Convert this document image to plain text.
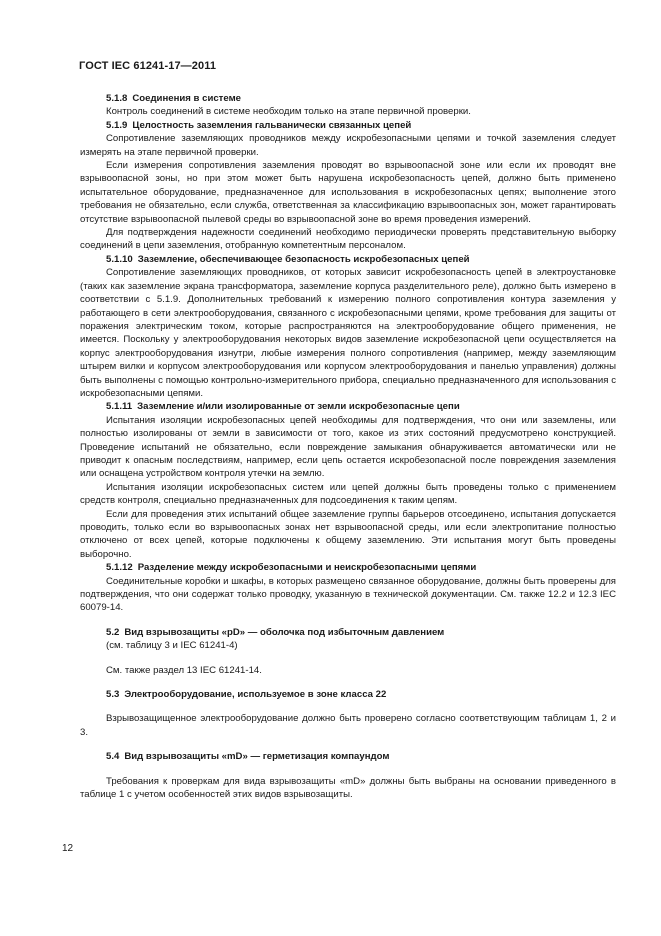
ГОСТ IEC 61241-17—2011

5.1.8 Соединения в системе

Контроль соединений в системе необходим только на этапе первичной проверки.

5.1.9 Целостность заземления гальванически связанных цепей

Сопротивление заземляющих проводников между искробезопасными цепями и точкой заземления следует измерять на этапе первичной проверки.

Если измерения сопротивления заземления проводят во взрывоопасной зоне или если их проводят вне взрывоопасной зоны, но при этом может быть нарушена искробезопасность цепей, должно быть применено испытательное оборудование, предназначенное для использования в искробезопасных цепях; выполнение этого требования не обязательно, если служба, ответственная за классификацию взрывоопасных зон, может гарантировать отсутствие взрывоопасной пылевой среды во взрывоопасной зоне во время проведения измерений.

Для подтверждения надежности соединений необходимо периодически проверять представительную выборку соединений в цепи заземления, отобранную компетентным персоналом.

5.1.10 Заземление, обеспечивающее безопасность искробезопасных цепей

Сопротивление заземляющих проводников, от которых зависит искробезопасность цепей в электроустановке (таких как заземление экрана трансформатора, заземление корпуса разделительного реле), должно быть измерено в соответствии с 5.1.9. Дополнительных требований к измерению полного сопротивления контура заземления у работающего в сети электрооборудования, связанного с искробезопасными цепями, кроме требования для защиты от поражения электрическим током, которые распространяются на электрооборудование общего применения, не имеется. Поскольку у электрооборудования некоторых видов заземление искробезопасной цепи осуществляется на корпус электрооборудования изнутри, любые измерения полного сопротивления (например, между заземляющим штырем вилки и корпусом электрооборудования или корпусом электрооборудования и панелью управления) должны быть выполнены с помощью контрольно-измерительного прибора, специально предназначенного для использования с искробезопасными цепями.

5.1.11 Заземление и/или изолированные от земли искробезопасные цепи

Испытания изоляции искробезопасных цепей необходимы для подтверждения, что они или заземлены, или полностью изолированы от земли в зависимости от того, какое из этих состояний предусмотрено конструкцией. Проведение испытаний не обязательно, если повреждение замыкания обнаруживается автоматически или не приводит к опасным последствиям, например, если цепь остается искробезопасной после повреждения заземления или оснащена устройством контроля утечки на землю.

Испытания изоляции искробезопасных систем или цепей должны быть проведены только с применением средств контроля, специально предназначенных для подсоединения к таким цепям.

Если для проведения этих испытаний общее заземление группы барьеров отсоединено, испытания допускается проводить, только если во взрывоопасных зонах нет взрывоопасной среды, или если электропитание полностью отключено от всех цепей, которые подключены к общему заземлению. Эти испытания могут быть проведены выборочно.

5.1.12 Разделение между искробезопасными и неискробезопасными цепями

Соединительные коробки и шкафы, в которых размещено связанное оборудование, должны быть проверены для подтверждения, что они содержат только проводку, указанную в технической документации. См. также 12.2 и 12.3 IEC 60079-14.

5.2 Вид взрывозащиты «pD» — оболочка под избыточным давлением

(см. таблицу 3 и IEC 61241-4)

См. также раздел 13 IEC 61241-14.

5.3 Электрооборудование, используемое в зоне класса 22

Взрывозащищенное электрооборудование должно быть проверено согласно соответствующим таблицам 1, 2 и 3.

5.4 Вид взрывозащиты «mD» — герметизация компаундом

Требования к проверкам для вида взрывозащиты «mD» должны быть выбраны на основании приведенного в таблице 1 с учетом особенностей этих видов взрывозащиты.

12
